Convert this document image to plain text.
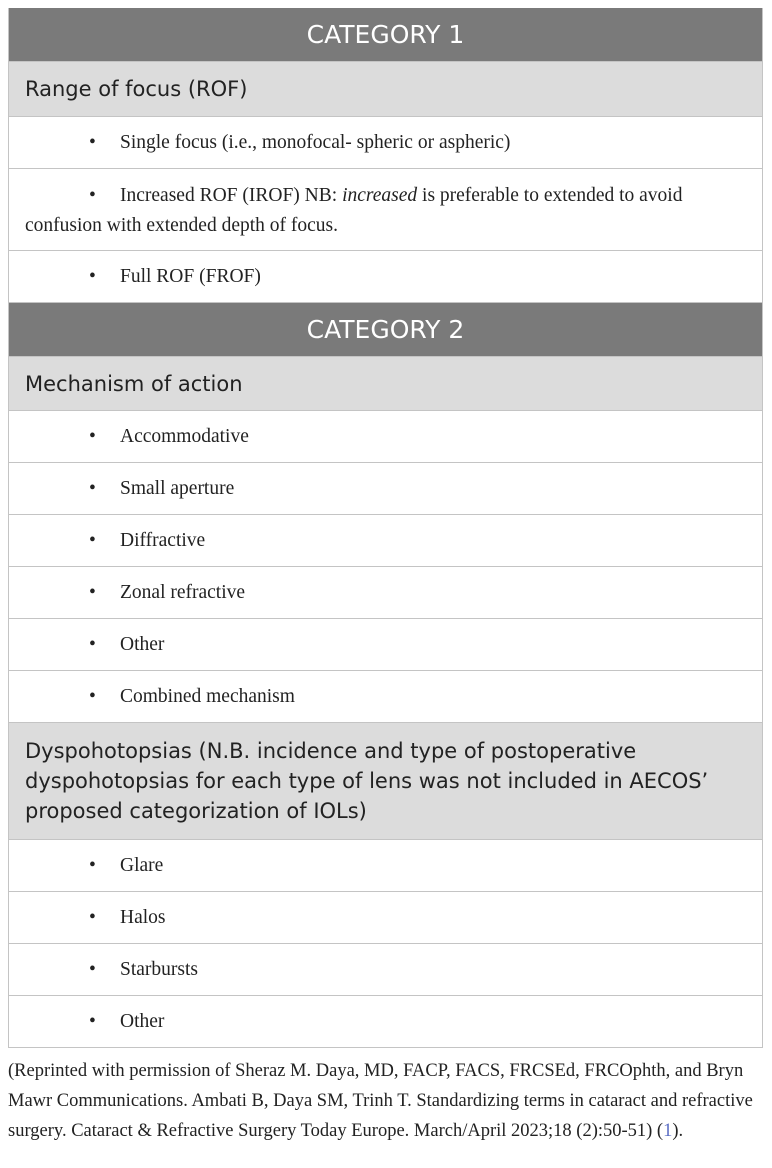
CATEGORY 1
Range of focus (ROF)
• Single focus (i.e., monofocal- spheric or aspheric)
• Increased ROF (IROF) NB: increased is preferable to extended to avoid confusion with extended depth of focus.
• Full ROF (FROF)
CATEGORY 2
Mechanism of action
• Accommodative
• Small aperture
• Diffractive
• Zonal refractive
• Other
• Combined mechanism
Dyspohotopsias (N.B. incidence and type of postoperative dyspohotopsias for each type of lens was not included in AECOS’ proposed categorization of IOLs)
• Glare
• Halos
• Starbursts
• Other
(Reprinted with permission of Sheraz M. Daya, MD, FACP, FACS, FRCSEd, FRCOphth, and Bryn Mawr Communications. Ambati B, Daya SM, Trinh T. Standardizing terms in cataract and refractive surgery. Cataract & Refractive Surgery Today Europe. March/April 2023;18 (2):50-51) (1).
